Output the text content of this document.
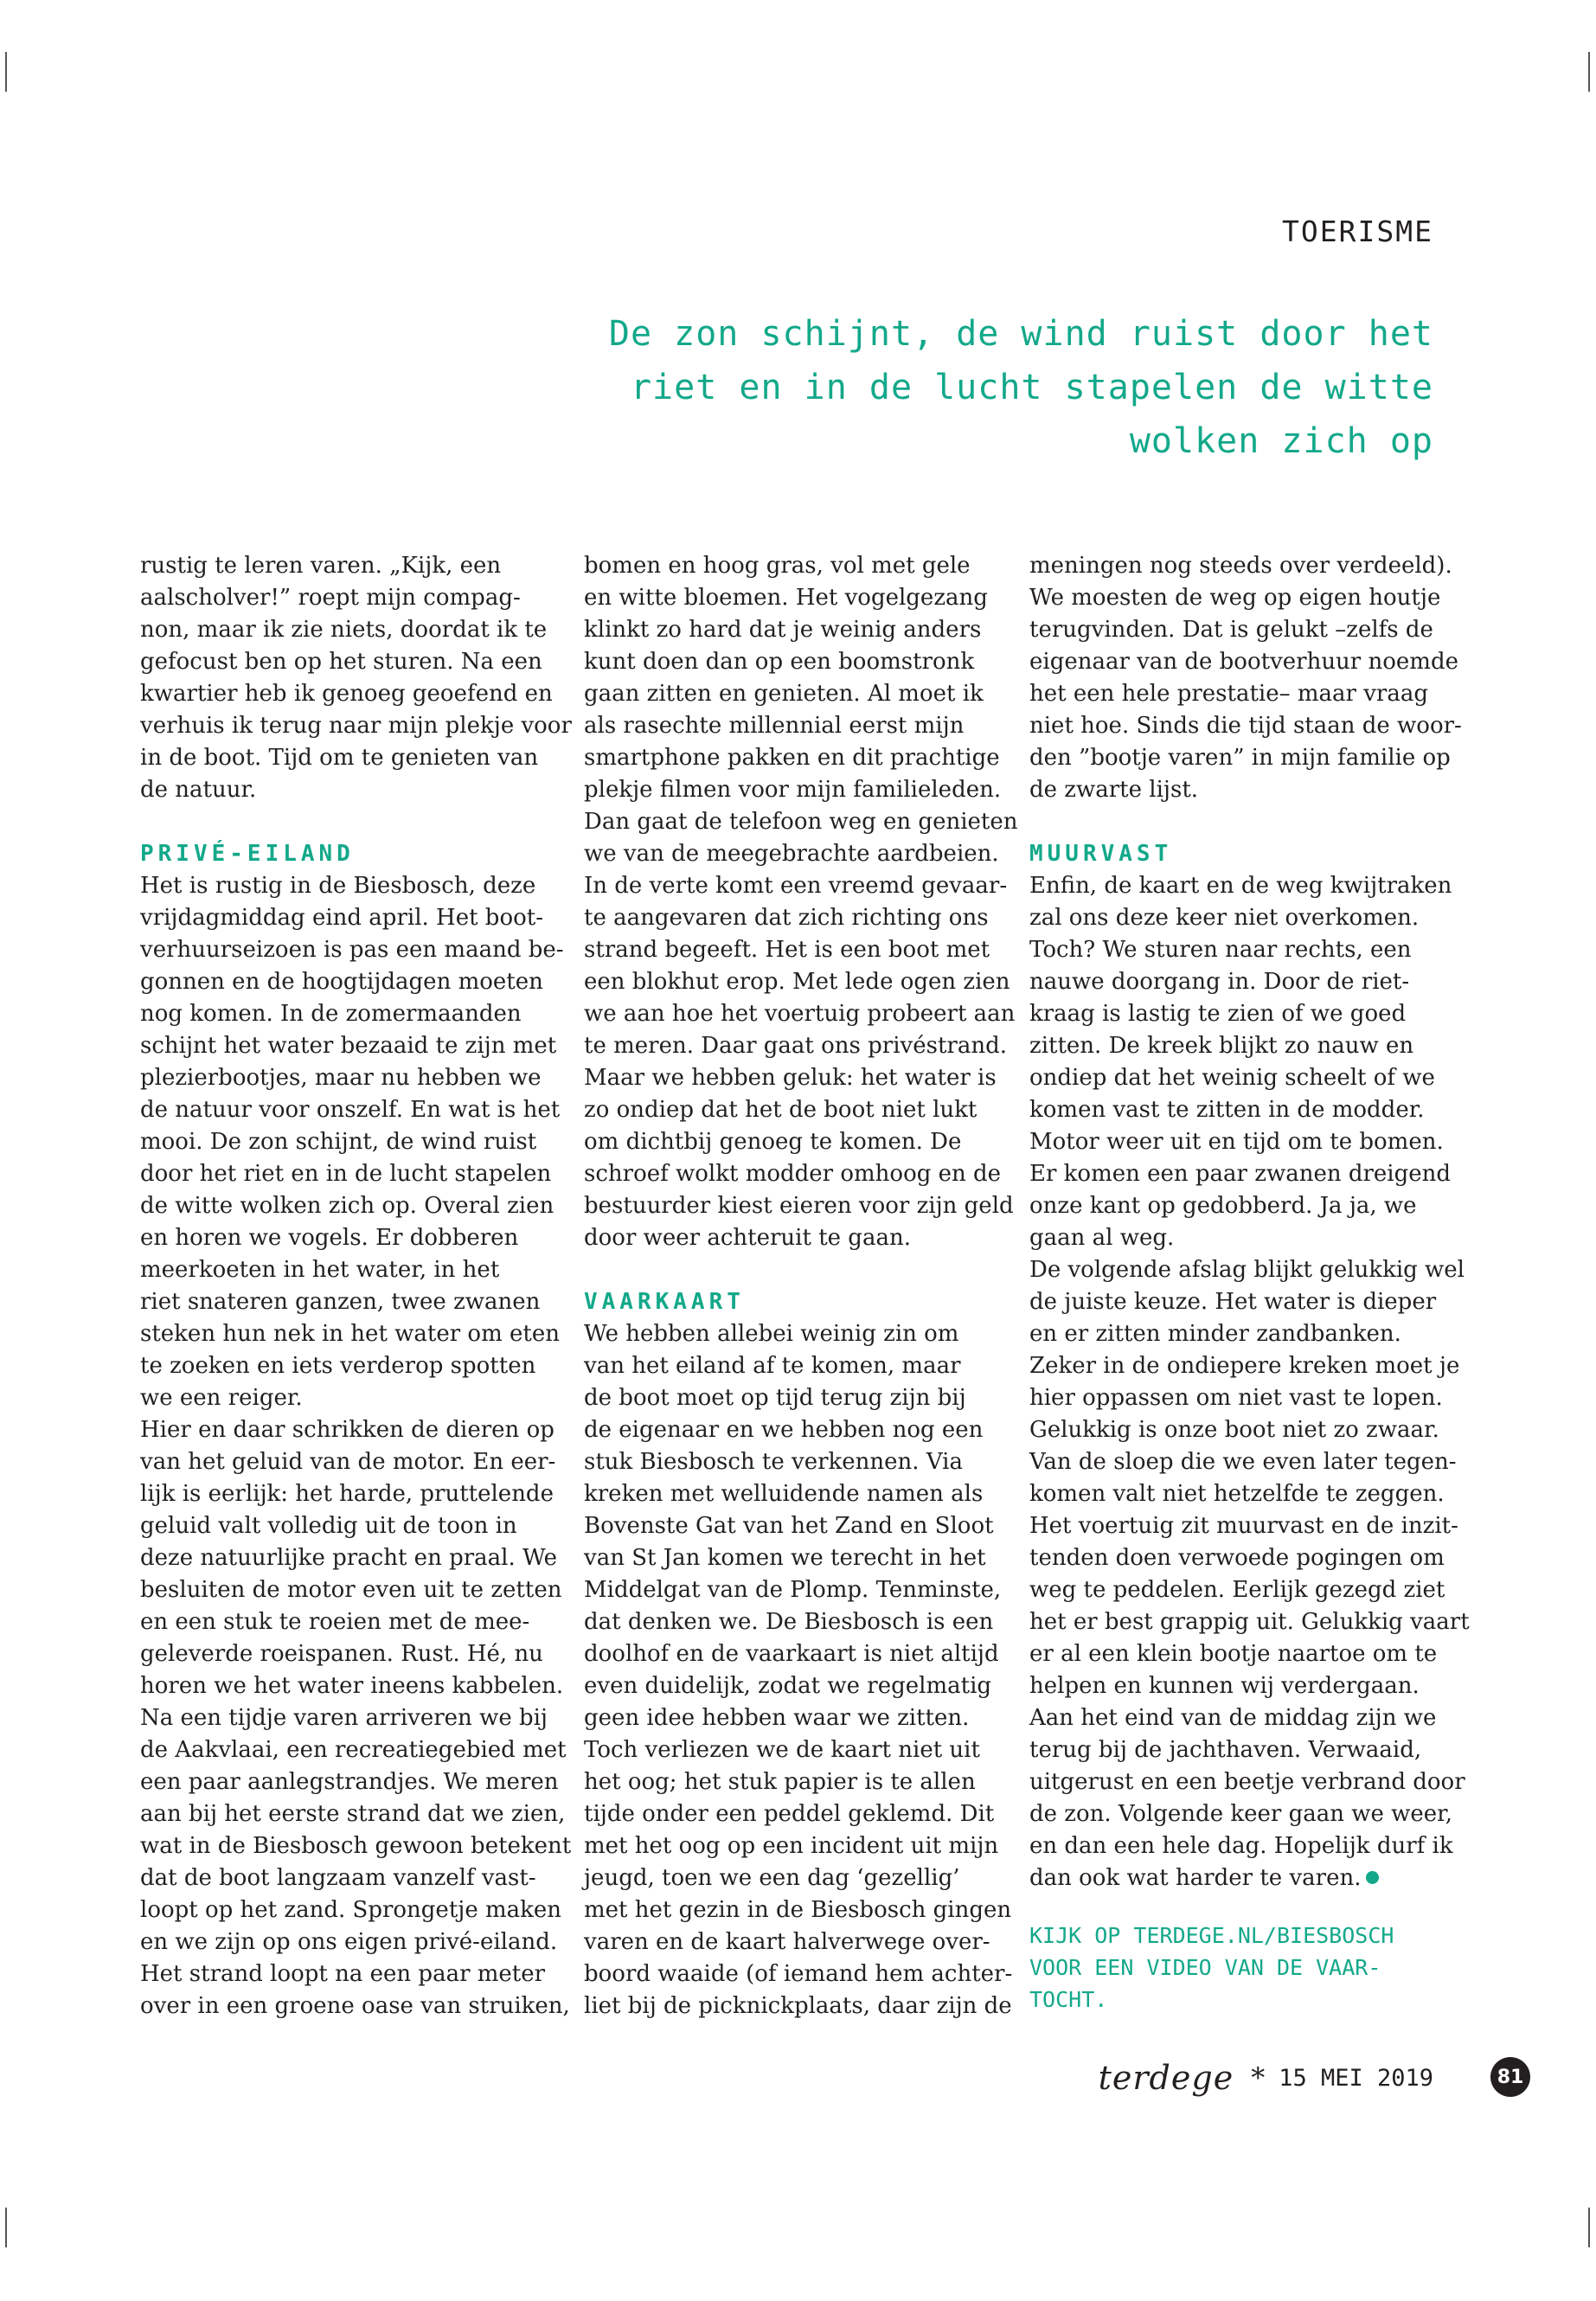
TOERISME
De zon schijnt, de wind ruist door het
riet en in de lucht stapelen de witte
wolken zich op
rustig te leren varen. „Kijk, een
aalscholver!” roept mijn compag-
non, maar ik zie niets, doordat ik te
gefocust ben op het sturen. Na een
kwartier heb ik genoeg geoefend en
verhuis ik terug naar mijn plekje voor
in de boot. Tijd om te genieten van
de natuur.
PRIVÉ-EILAND
Het is rustig in de Biesbosch, deze
vrijdagmiddag eind april. Het boot-
verhuurseizoen is pas een maand be-
gonnen en de hoogtijdagen moeten
nog komen. In de zomermaanden
schijnt het water bezaaid te zijn met
plezierbootjes, maar nu hebben we
de natuur voor onszelf. En wat is het
mooi. De zon schijnt, de wind ruist
door het riet en in de lucht stapelen
de witte wolken zich op. Overal zien
en horen we vogels. Er dobberen
meerkoeten in het water, in het
riet snateren ganzen, twee zwanen
steken hun nek in het water om eten
te zoeken en iets verderop spotten
we een reiger.
Hier en daar schrikken de dieren op
van het geluid van de motor. En eer-
lijk is eerlijk: het harde, pruttelende
geluid valt volledig uit de toon in
deze natuurlijke pracht en praal. We
besluiten de motor even uit te zetten
en een stuk te roeien met de mee-
geleverde roeispanen. Rust. Hé, nu
horen we het water ineens kabbelen.
Na een tijdje varen arriveren we bij
de Aakvlaai, een recreatiegebied met
een paar aanlegstrandjes. We meren
aan bij het eerste strand dat we zien,
wat in de Biesbosch gewoon betekent
dat de boot langzaam vanzelf vast-
loopt op het zand. Sprongetje maken
en we zijn op ons eigen privé-eiland.
Het strand loopt na een paar meter
over in een groene oase van struiken,
bomen en hoog gras, vol met gele
en witte bloemen. Het vogelgezang
klinkt zo hard dat je weinig anders
kunt doen dan op een boomstronk
gaan zitten en genieten. Al moet ik
als rasechte millennial eerst mijn
smartphone pakken en dit prachtige
plekje filmen voor mijn familieleden.
Dan gaat de telefoon weg en genieten
we van de meegebrachte aardbeien.
In de verte komt een vreemd gevaar-
te aangevaren dat zich richting ons
strand begeeft. Het is een boot met
een blokhut erop. Met lede ogen zien
we aan hoe het voertuig probeert aan
te meren. Daar gaat ons privéstrand.
Maar we hebben geluk: het water is
zo ondiep dat het de boot niet lukt
om dichtbij genoeg te komen. De
schroef wolkt modder omhoog en de
bestuurder kiest eieren voor zijn geld
door weer achteruit te gaan.
VAARKAART
We hebben allebei weinig zin om
van het eiland af te komen, maar
de boot moet op tijd terug zijn bij
de eigenaar en we hebben nog een
stuk Biesbosch te verkennen. Via
kreken met welluidende namen als
Bovenste Gat van het Zand en Sloot
van St Jan komen we terecht in het
Middelgat van de Plomp. Tenminste,
dat denken we. De Biesbosch is een
doolhof en de vaarkaart is niet altijd
even duidelijk, zodat we regelmatig
geen idee hebben waar we zitten.
Toch verliezen we de kaart niet uit
het oog; het stuk papier is te allen
tijde onder een peddel geklemd. Dit
met het oog op een incident uit mijn
jeugd, toen we een dag ‘gezellig’
met het gezin in de Biesbosch gingen
varen en de kaart halverwege over-
boord waaide (of iemand hem achter-
liet bij de picknickplaats, daar zijn de
meningen nog steeds over verdeeld).
We moesten de weg op eigen houtje
terugvinden. Dat is gelukt –zelfs de
eigenaar van de bootverhuur noemde
het een hele prestatie– maar vraag
niet hoe. Sinds die tijd staan de woor-
den ”bootje varen” in mijn familie op
de zwarte lijst.
MUURVAST
Enfin, de kaart en de weg kwijtraken
zal ons deze keer niet overkomen.
Toch? We sturen naar rechts, een
nauwe doorgang in. Door de riet-
kraag is lastig te zien of we goed
zitten. De kreek blijkt zo nauw en
ondiep dat het weinig scheelt of we
komen vast te zitten in de modder.
Motor weer uit en tijd om te bomen.
Er komen een paar zwanen dreigend
onze kant op gedobberd. Ja ja, we
gaan al weg.
De volgende afslag blijkt gelukkig wel
de juiste keuze. Het water is dieper
en er zitten minder zandbanken.
Zeker in de ondiepere kreken moet je
hier oppassen om niet vast te lopen.
Gelukkig is onze boot niet zo zwaar.
Van de sloep die we even later tegen-
komen valt niet hetzelfde te zeggen.
Het voertuig zit muurvast en de inzit-
tenden doen verwoede pogingen om
weg te peddelen. Eerlijk gezegd ziet
het er best grappig uit. Gelukkig vaart
er al een klein bootje naartoe om te
helpen en kunnen wij verdergaan.
Aan het eind van de middag zijn we
terug bij de jachthaven. Verwaaid,
uitgerust en een beetje verbrand door
de zon. Volgende keer gaan we weer,
en dan een hele dag. Hopelijk durf ik
dan ook wat harder te varen.
KIJK OP TERDEGE.NL/BIESBOSCH
VOOR EEN VIDEO VAN DE VAAR-
TOCHT.
terdege * 15 MEI 2019	81
